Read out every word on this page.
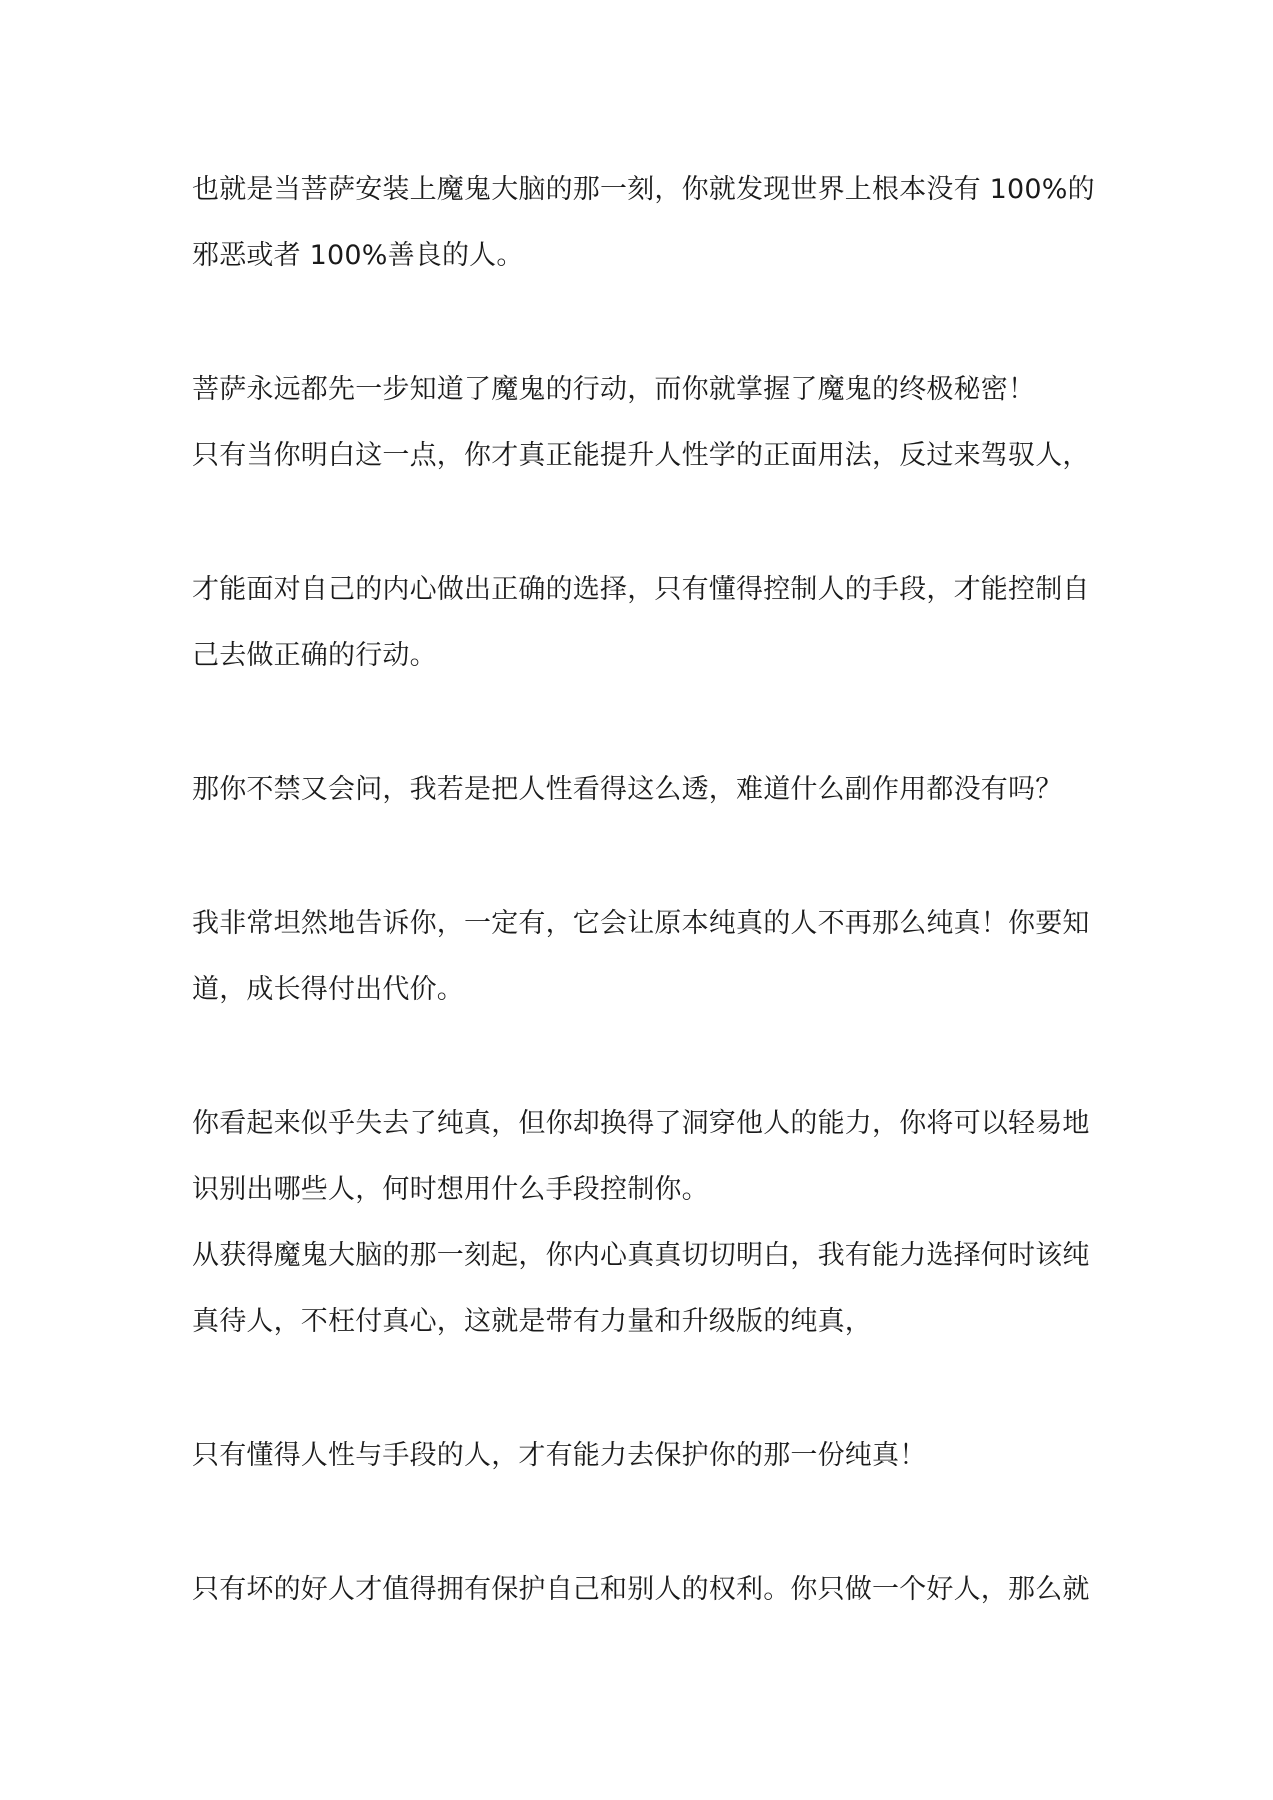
也就是当菩萨安装上魔鬼大脑的那一刻，你就发现世界上根本没有 100%的
邪恶或者 100%善良的人。
菩萨永远都先一步知道了魔鬼的行动，而你就掌握了魔鬼的终极秘密！
只有当你明白这一点，你才真正能提升人性学的正面用法，反过来驾驭人，
才能面对自己的内心做出正确的选择，只有懂得控制人的手段，才能控制自
己去做正确的行动。
那你不禁又会问，我若是把人性看得这么透，难道什么副作用都没有吗？
我非常坦然地告诉你，一定有，它会让原本纯真的人不再那么纯真！你要知
道，成长得付出代价。
你看起来似乎失去了纯真，但你却换得了洞穿他人的能力，你将可以轻易地
识别出哪些人，何时想用什么手段控制你。
从获得魔鬼大脑的那一刻起，你内心真真切切明白，我有能力选择何时该纯
真待人，不枉付真心，这就是带有力量和升级版的纯真，
只有懂得人性与手段的人，才有能力去保护你的那一份纯真！
只有坏的好人才值得拥有保护自己和别人的权利。你只做一个好人，那么就
